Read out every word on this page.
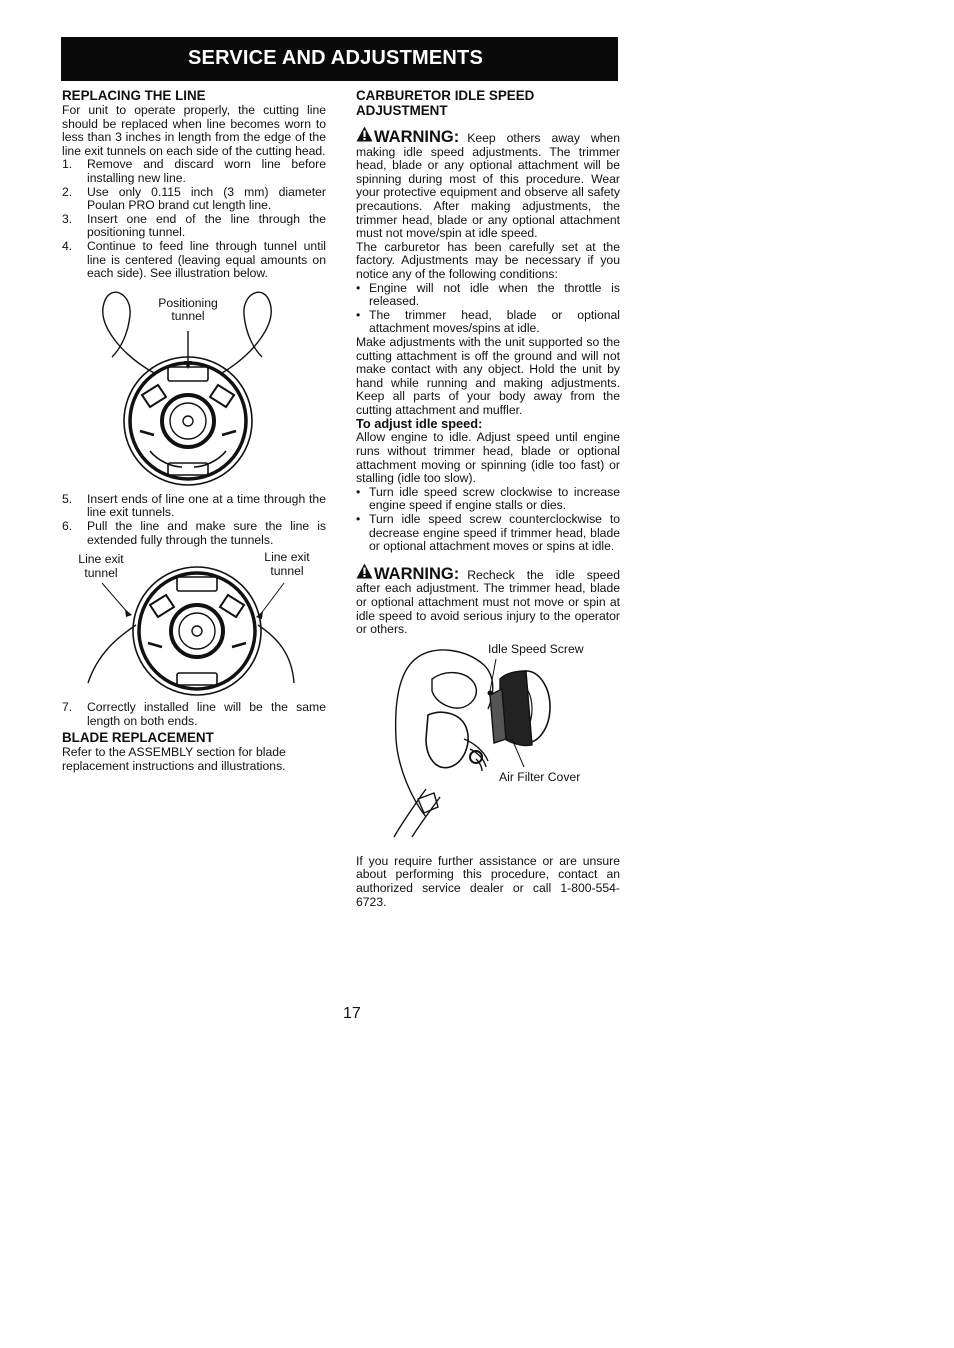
SERVICE AND ADJUSTMENTS
REPLACING THE LINE

For unit to operate properly, the cutting line should be replaced when line becomes worn to less than 3 inches in length from the edge of the line exit tunnels on each side of the cutting head.

1. Remove and discard worn line before installing new line.
2. Use only 0.115 inch (3 mm) diameter Poulan PRO brand cut length line.
3. Insert one end of the line through the positioning tunnel.
4. Continue to feed line through tunnel until line is centered (leaving equal amounts on each side). See illustration below.
Positioning
tunnel
5. Insert ends of line one at a time through the line exit tunnels.
6. Pull the line and make sure the line is extended fully through the tunnels.
Line exit
tunnel
Line exit
tunnel
7. Correctly installed line will be the same length on both ends.
BLADE REPLACEMENT

Refer to the ASSEMBLY section for blade replacement instructions and illustrations.

CARBURETOR IDLE SPEED ADJUSTMENT

WARNING: Keep others away when making idle speed adjustments. The trimmer head, blade or any optional attachment will be spinning during most of this procedure. Wear your protective equipment and observe all safety precautions. After making adjustments, the trimmer head, blade or any optional attachment must not move/spin at idle speed.

The carburetor has been carefully set at the factory. Adjustments may be necessary if you notice any of the following conditions:

• Engine will not idle when the throttle is released.
• The trimmer head, blade or optional attachment moves/spins at idle.

Make adjustments with the unit supported so the cutting attachment is off the ground and will not make contact with any object. Hold the unit by hand while running and making adjustments. Keep all parts of your body away from the cutting attachment and muffler.

To adjust idle speed:

Allow engine to idle. Adjust speed until engine runs without trimmer head, blade or optional attachment moving or spinning (idle too fast) or stalling (idle too slow).

• Turn idle speed screw clockwise to increase engine speed if engine stalls or dies.
• Turn idle speed screw counterclockwise to decrease engine speed if trimmer head, blade or optional attachment moves or spins at idle.

WARNING: Recheck the idle speed after each adjustment. The trimmer head, blade or optional attachment must not move or spin at idle speed to avoid serious injury to the operator or others.

Idle Speed Screw
Air Filter Cover

If you require further assistance or are unsure about performing this procedure, contact an authorized service dealer or call 1-800-554-6723.

17
